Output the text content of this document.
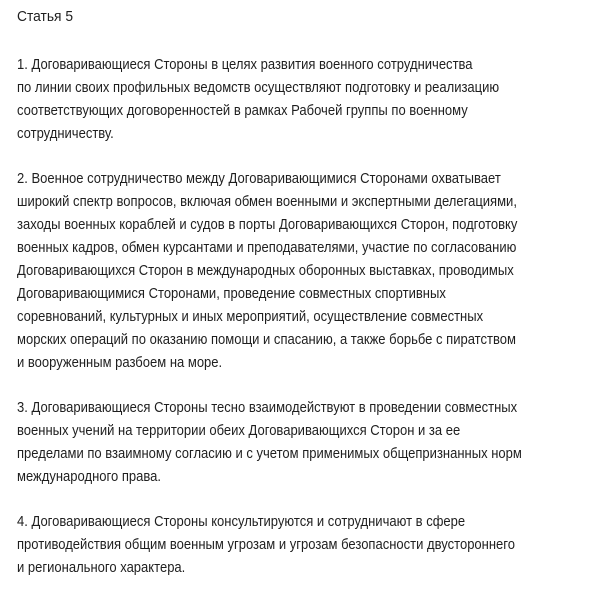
Статья 5
1. Договаривающиеся Стороны в целях развития военного сотрудничества
по линии своих профильных ведомств осуществляют подготовку и реализацию
соответствующих договоренностей в рамках Рабочей группы по военному
сотрудничеству.
2. Военное сотрудничество между Договаривающимися Сторонами охватывает
широкий спектр вопросов, включая обмен военными и экспертными делегациями,
заходы военных кораблей и судов в порты Договаривающихся Сторон, подготовку
военных кадров, обмен курсантами и преподавателями, участие по согласованию
Договаривающихся Сторон в международных оборонных выставках, проводимых
Договаривающимися Сторонами, проведение совместных спортивных
соревнований, культурных и иных мероприятий, осуществление совместных
морских операций по оказанию помощи и спасанию, а также борьбе с пиратством
и вооруженным разбоем на море.
3. Договаривающиеся Стороны тесно взаимодействуют в проведении совместных
военных учений на территории обеих Договаривающихся Сторон и за ее
пределами по взаимному согласию и с учетом применимых общепризнанных норм
международного права.
4. Договаривающиеся Стороны консультируются и сотрудничают в сфере
противодействия общим военным угрозам и угрозам безопасности двустороннего
и регионального характера.
